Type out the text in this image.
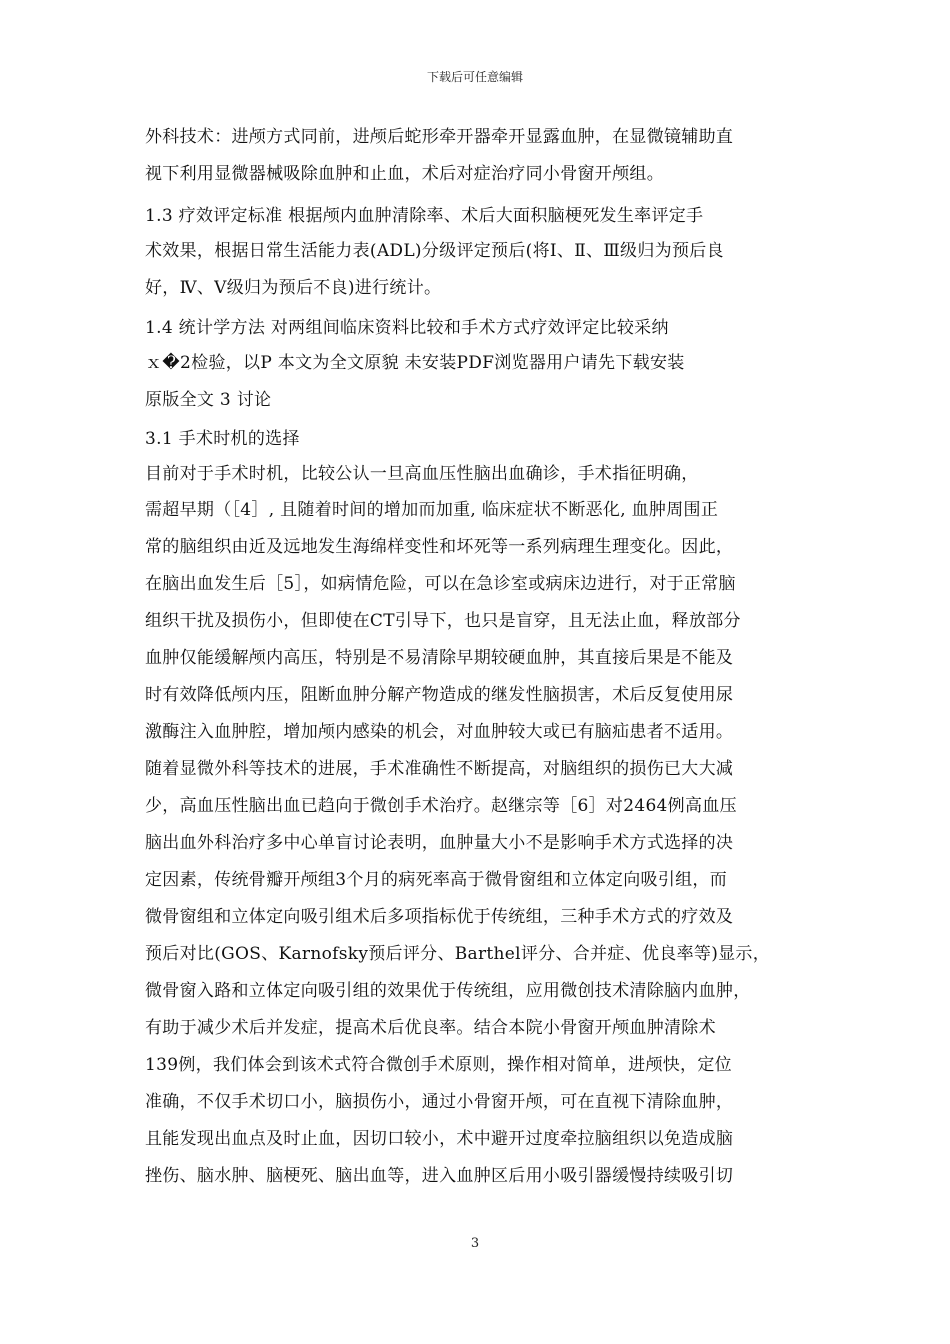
下载后可任意编辑
外科技术：进颅方式同前，进颅后蛇形牵开器牵开显露血肿，在显微镜辅助直
视下利用显微器械吸除血肿和止血，术后对症治疗同小骨窗开颅组。
1.3 疗效评定标准 根据颅内血肿清除率、术后大面积脑梗死发生率评定手
术效果，根据日常生活能力表(ADL)分级评定预后(将Ⅰ、Ⅱ、Ⅲ级归为预后良
好，Ⅳ、Ⅴ级归为预后不良)进行统计。
1.4 统计学方法 对两组间临床资料比较和手术方式疗效评定比较采纳
ｘ�2检验，以P 本文为全文原貌 未安装PDF浏览器用户请先下载安装
原版全文 3 讨论
3.1 手术时机的选择
目前对于手术时机，比较公认一旦高血压性脑出血确诊，手术指征明确，
需超早期（［4］, 且随着时间的增加而加重, 临床症状不断恶化, 血肿周围正
常的脑组织由近及远地发生海绵样变性和坏死等一系列病理生理变化。因此，
在脑出血发生后［5］，如病情危险，可以在急诊室或病床边进行，对于正常脑
组织干扰及损伤小，但即使在CT引导下，也只是盲穿，且无法止血，释放部分
血肿仅能缓解颅内高压，特别是不易清除早期较硬血肿，其直接后果是不能及
时有效降低颅内压，阻断血肿分解产物造成的继发性脑损害，术后反复使用尿
激酶注入血肿腔，增加颅内感染的机会，对血肿较大或已有脑疝患者不适用。
随着显微外科等技术的进展，手术准确性不断提高，对脑组织的损伤已大大减
少，高血压性脑出血已趋向于微创手术治疗。赵继宗等［6］对2464例高血压
脑出血外科治疗多中心单盲讨论表明，血肿量大小不是影响手术方式选择的决
定因素，传统骨瓣开颅组3个月的病死率高于微骨窗组和立体定向吸引组，而
微骨窗组和立体定向吸引组术后多项指标优于传统组，三种手术方式的疗效及
预后对比(GOS、Karnofsky预后评分、Barthel评分、合并症、优良率等)显示，
微骨窗入路和立体定向吸引组的效果优于传统组，应用微创技术清除脑内血肿，
有助于减少术后并发症，提高术后优良率。结合本院小骨窗开颅血肿清除术
139例，我们体会到该术式符合微创手术原则，操作相对简单，进颅快，定位
准确，不仅手术切口小，脑损伤小，通过小骨窗开颅，可在直视下清除血肿，
且能发现出血点及时止血，因切口较小，术中避开过度牵拉脑组织以免造成脑
挫伤、脑水肿、脑梗死、脑出血等，进入血肿区后用小吸引器缓慢持续吸引切
3
